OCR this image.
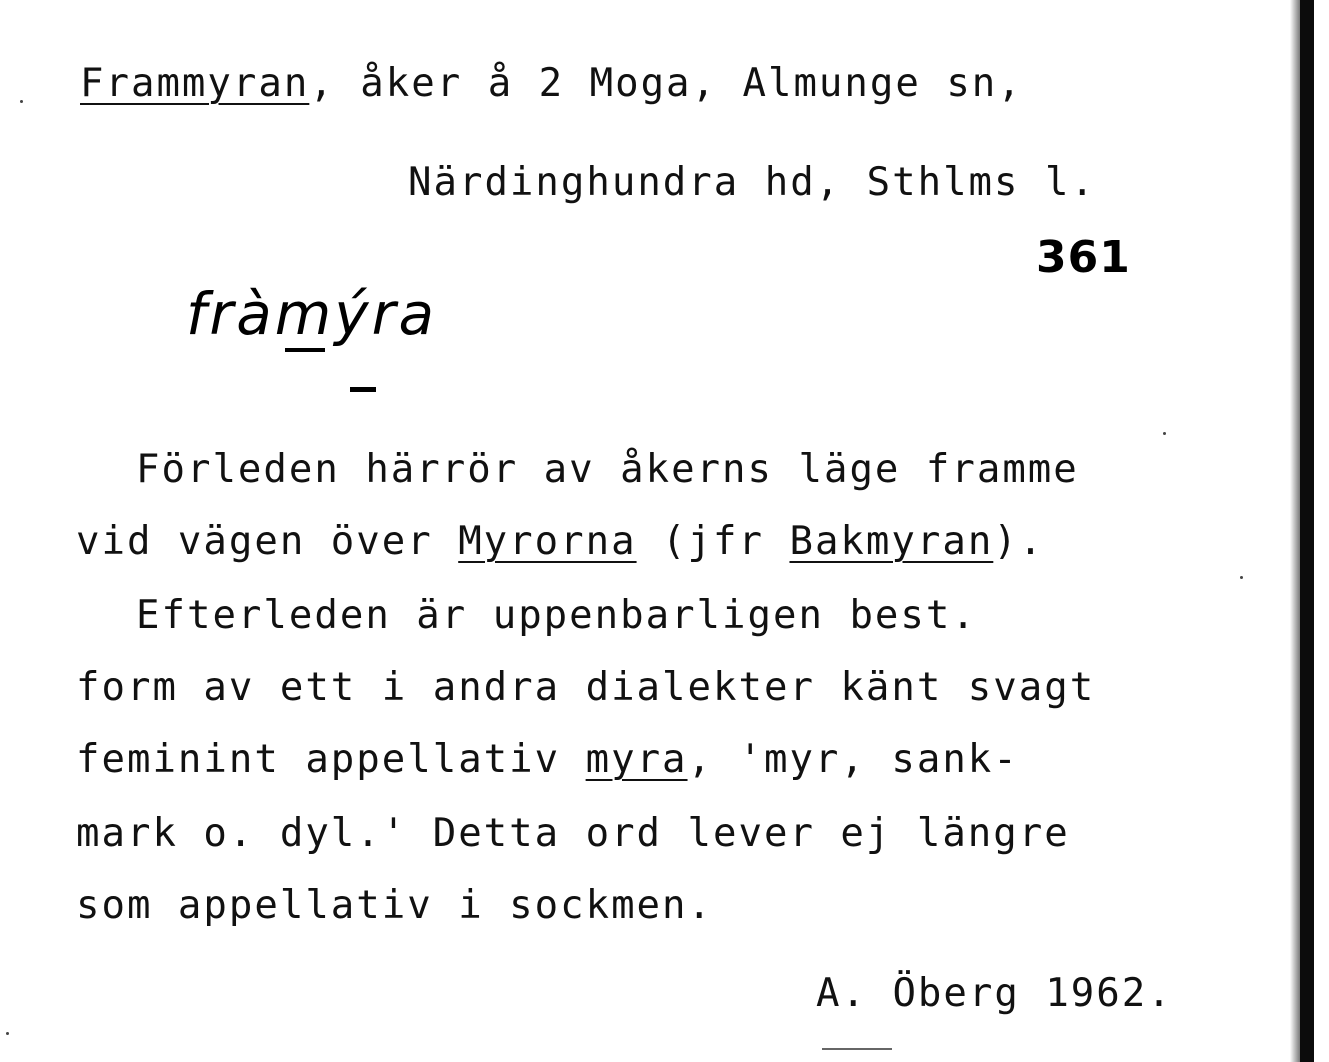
Frammyran, åker å 2 Moga, Almunge sn,
Närdinghundra hd, Sthlms l.
361
fràmýra
Förleden härrör av åkerns läge framme
vid vägen över Myrorna (jfr Bakmyran).
Efterleden är uppenbarligen best.
form av ett i andra dialekter känt svagt
feminint appellativ myra, 'myr, sank-
mark o. dyl.' Detta ord lever ej längre
som appellativ i sockmen.
A. Öberg 1962.
